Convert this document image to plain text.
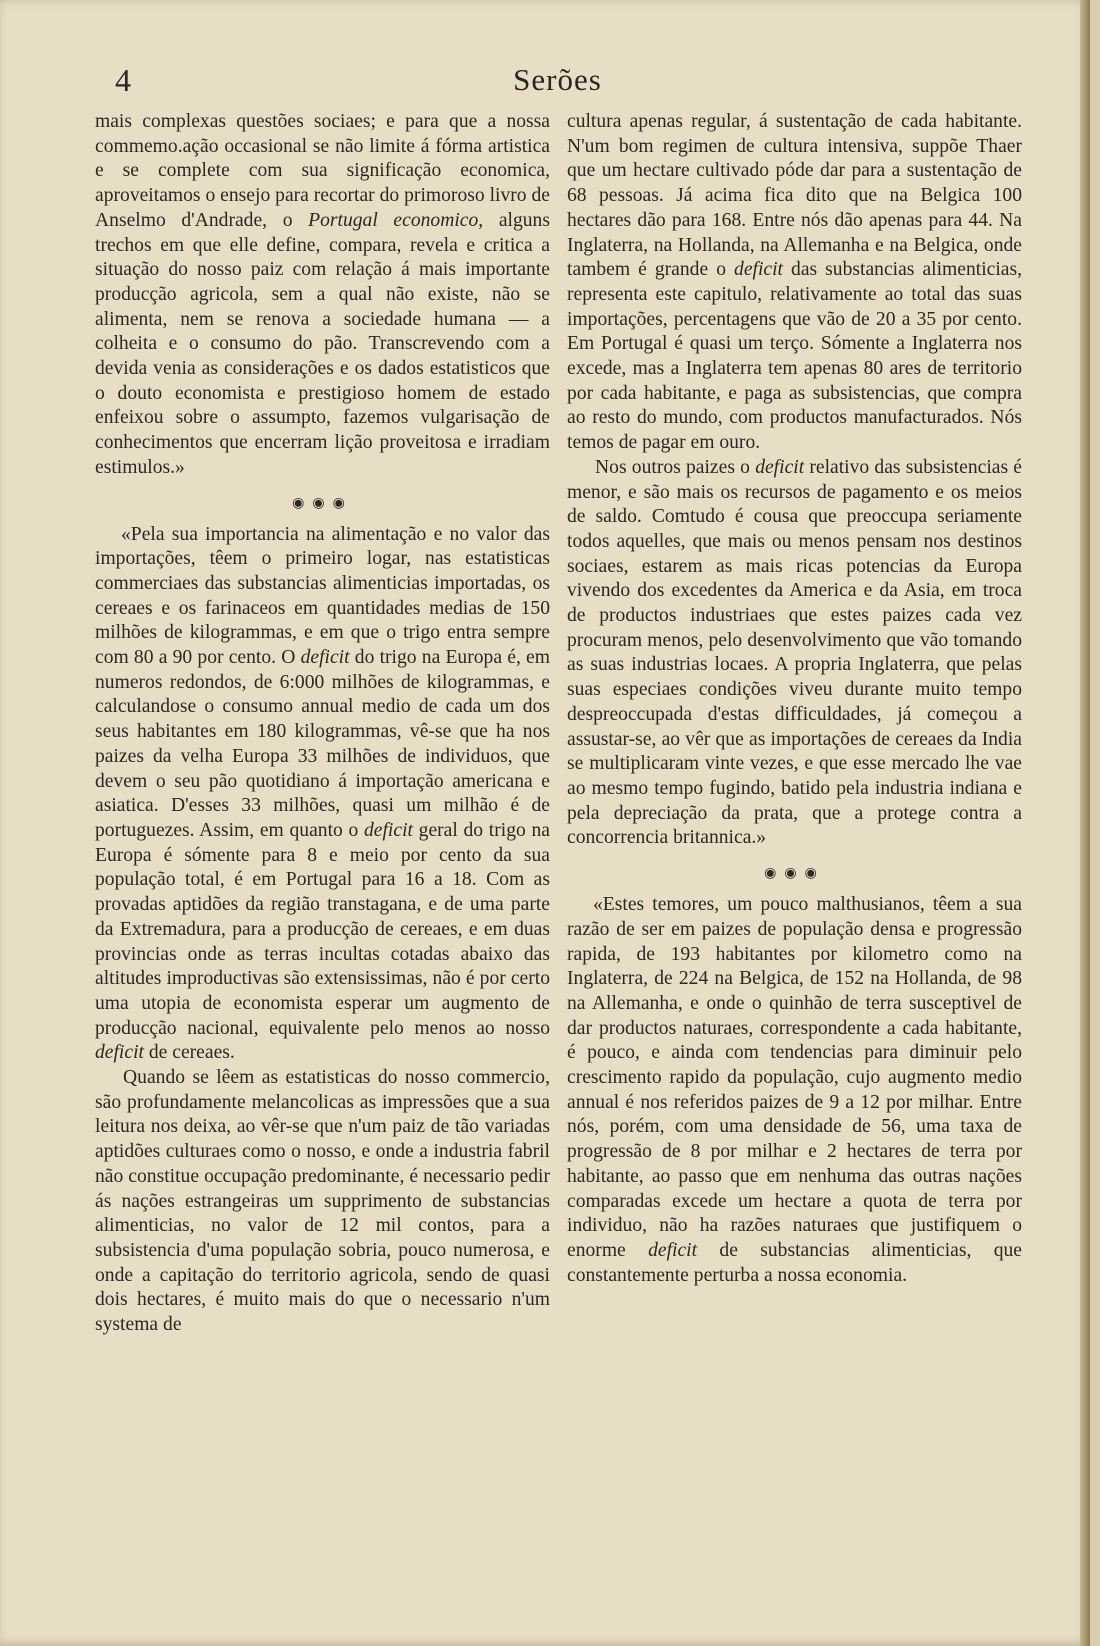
4	Serões

mais complexas questões sociaes; e para que a nossa commemo.ação occasional se não limite á fórma artistica e se complete com sua significação economica, aproveitamos o ensejo para recortar do primoroso livro de Anselmo d'Andrade, o Portugal economico, alguns trechos em que elle define, compara, revela e critica a situação do nosso paiz com relação á mais importante producção agricola, sem a qual não existe, não se alimenta, nem se renova a sociedade humana — a colheita e o consumo do pão. Transcrevendo com a devida venia as considerações e os dados estatisticos que o douto economista e prestigioso homem de estado enfeixou sobre o assumpto, fazemos vulgarisação de conhecimentos que encerram lição proveitosa e irradiam estimulos.»

◉◉◉

«Pela sua importancia na alimentação e no valor das importações, têem o primeiro logar, nas estatisticas commerciaes das substancias alimenticias importadas, os cereaes e os farinaceos em quantidades medias de 150 milhões de kilogrammas, e em que o trigo entra sempre com 80 a 90 por cento. O deficit do trigo na Europa é, em numeros redondos, de 6:000 milhões de kilogrammas, e calculandose o consumo annual medio de cada um dos seus habitantes em 180 kilogrammas, vê-se que ha nos paizes da velha Europa 33 milhões de individuos, que devem o seu pão quotidiano á importação americana e asiatica. D'esses 33 milhões, quasi um milhão é de portuguezes. Assim, em quanto o deficit geral do trigo na Europa é sómente para 8 e meio por cento da sua população total, é em Portugal para 16 a 18. Com as provadas aptidões da região transtagana, e de uma parte da Extremadura, para a producção de cereaes, e em duas provincias onde as terras incultas cotadas abaixo das altitudes improductivas são extensissimas, não é por certo uma utopia de economista esperar um augmento de producção nacional, equivalente pelo menos ao nosso deficit de cereaes.

Quando se lêem as estatisticas do nosso commercio, são profundamente melancolicas as impressões que a sua leitura nos deixa, ao vêr-se que n'um paiz de tão variadas aptidões culturaes como o nosso, e onde a industria fabril não constitue occupação predominante, é necessario pedir ás nações estrangeiras um supprimento de substancias alimenticias, no valor de 12 mil contos, para a subsistencia d'uma população sobria, pouco numerosa, e onde a capitação do territorio agricola, sendo de quasi dois hectares, é muito mais do que o necessario n'um systema de

cultura apenas regular, á sustentação de cada habitante. N'um bom regimen de cultura intensiva, suppõe Thaer que um hectare cultivado póde dar para a sustentação de 68 pessoas. Já acima fica dito que na Belgica 100 hectares dão para 168. Entre nós dão apenas para 44. Na Inglaterra, na Hollanda, na Allemanha e na Belgica, onde tambem é grande o deficit das substancias alimenticias, representa este capitulo, relativamente ao total das suas importações, percentagens que vão de 20 a 35 por cento. Em Portugal é quasi um terço. Sómente a Inglaterra nos excede, mas a Inglaterra tem apenas 80 ares de territorio por cada habitante, e paga as subsistencias, que compra ao resto do mundo, com productos manufacturados. Nós temos de pagar em ouro.

Nos outros paizes o deficit relativo das subsistencias é menor, e são mais os recursos de pagamento e os meios de saldo. Comtudo é cousa que preoccupa seriamente todos aquelles, que mais ou menos pensam nos destinos sociaes, estarem as mais ricas potencias da Europa vivendo dos excedentes da America e da Asia, em troca de productos industriaes que estes paizes cada vez procuram menos, pelo desenvolvimento que vão tomando as suas industrias locaes. A propria Inglaterra, que pelas suas especiaes condições viveu durante muito tempo despreoccupada d'estas difficuldades, já começou a assustar-se, ao vêr que as importações de cereaes da India se multiplicaram vinte vezes, e que esse mercado lhe vae ao mesmo tempo fugindo, batido pela industria indiana e pela depreciação da prata, que a protege contra a concorrencia britannica.»

◉◉◉

«Estes temores, um pouco malthusianos, têem a sua razão de ser em paizes de população densa e progressão rapida, de 193 habitantes por kilometro como na Inglaterra, de 224 na Belgica, de 152 na Hollanda, de 98 na Allemanha, e onde o quinhão de terra susceptivel de dar productos naturaes, correspondente a cada habitante, é pouco, e ainda com tendencias para diminuir pelo crescimento rapido da população, cujo augmento medio annual é nos referidos paizes de 9 a 12 por milhar. Entre nós, porém, com uma densidade de 56, uma taxa de progressão de 8 por milhar e 2 hectares de terra por habitante, ao passo que em nenhuma das outras nações comparadas excede um hectare a quota de terra por individuo, não ha razões naturaes que justifiquem o enorme deficit de substancias alimenticias, que constantemente perturba a nossa economia.
